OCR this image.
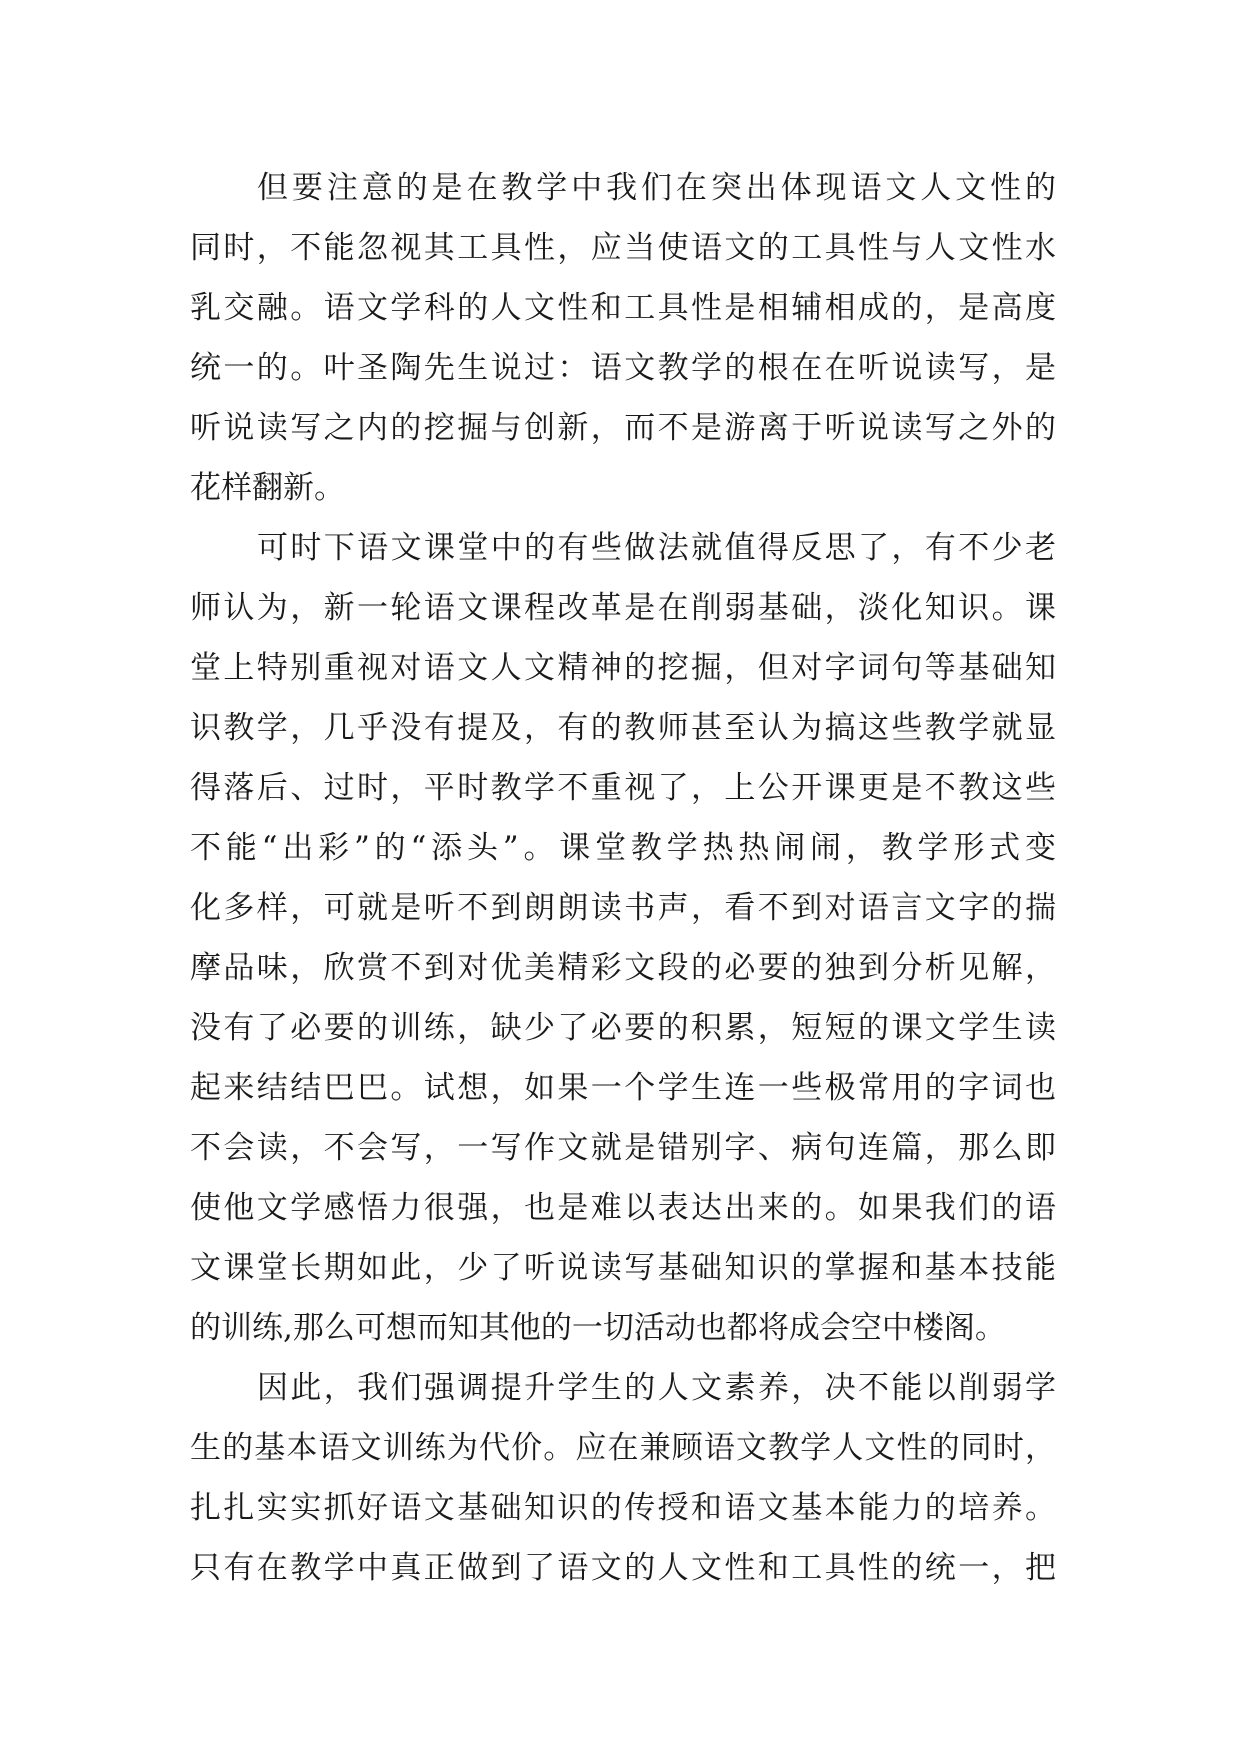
但要注意的是在教学中我们在突出体现语文人文性的
同时，不能忽视其工具性，应当使语文的工具性与人文性水
乳交融。语文学科的人文性和工具性是相辅相成的，是高度
统一的。叶圣陶先生说过：语文教学的根在在听说读写，是
听说读写之内的挖掘与创新，而不是游离于听说读写之外的
花样翻新。
可时下语文课堂中的有些做法就值得反思了，有不少老
师认为，新一轮语文课程改革是在削弱基础，淡化知识。课
堂上特别重视对语文人文精神的挖掘，但对字词句等基础知
识教学，几乎没有提及，有的教师甚至认为搞这些教学就显
得落后、过时，平时教学不重视了，上公开课更是不教这些
不能“出彩”的“添头”。课堂教学热热闹闹，教学形式变
化多样，可就是听不到朗朗读书声，看不到对语言文字的揣
摩品味，欣赏不到对优美精彩文段的必要的独到分析见解，
没有了必要的训练，缺少了必要的积累，短短的课文学生读
起来结结巴巴。试想，如果一个学生连一些极常用的字词也
不会读，不会写，一写作文就是错别字、病句连篇，那么即
使他文学感悟力很强，也是难以表达出来的。如果我们的语
文课堂长期如此，少了听说读写基础知识的掌握和基本技能
的训练,那么可想而知其他的一切活动也都将成会空中楼阁。
因此，我们强调提升学生的人文素养，决不能以削弱学
生的基本语文训练为代价。应在兼顾语文教学人文性的同时，
扎扎实实抓好语文基础知识的传授和语文基本能力的培养。
只有在教学中真正做到了语文的人文性和工具性的统一，把
